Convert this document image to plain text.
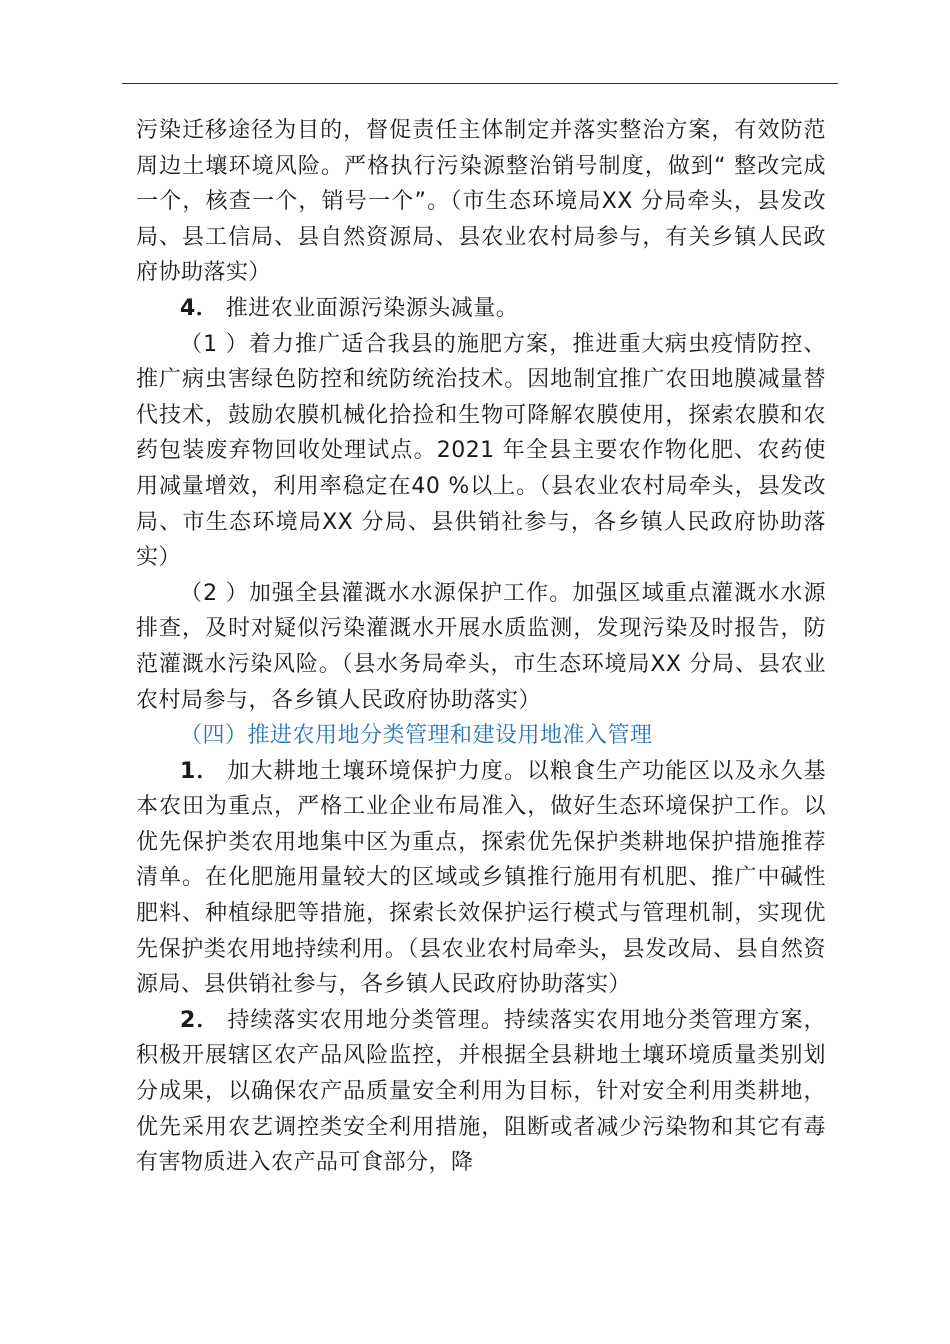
污染迁移途径为目的，督促责任主体制定并落实整治方案，有效防范周边土壤环境风险。严格执行污染源整治销号制度，做到“ 整改完成一个，核查一个，销号一个”。（市生态环境局XX 分局牵头，县发改局、县工信局、县自然资源局、县农业农村局参与，有关乡镇人民政府协助落实）

4． 推进农业面源污染源头减量。

（1 ）着力推广适合我县的施肥方案，推进重大病虫疫情防控、推广病虫害绿色防控和统防统治技术。因地制宜推广农田地膜减量替代技术，鼓励农膜机械化拾捡和生物可降解农膜使用，探索农膜和农药包装废弃物回收处理试点。2021 年全县主要农作物化肥、农药使用减量增效，利用率稳定在40 %以上。（县农业农村局牵头，县发改局、市生态环境局XX 分局、县供销社参与，各乡镇人民政府协助落实）

（2 ）加强全县灌溉水水源保护工作。加强区域重点灌溉水水源排查，及时对疑似污染灌溉水开展水质监测，发现污染及时报告，防范灌溉水污染风险。（县水务局牵头，市生态环境局XX 分局、县农业农村局参与，各乡镇人民政府协助落实）

（四）推进农用地分类管理和建设用地准入管理

1． 加大耕地土壤环境保护力度。以粮食生产功能区以及永久基本农田为重点，严格工业企业布局准入，做好生态环境保护工作。以优先保护类农用地集中区为重点，探索优先保护类耕地保护措施推荐清单。在化肥施用量较大的区域或乡镇推行施用有机肥、推广中碱性肥料、种植绿肥等措施，探索长效保护运行模式与管理机制，实现优先保护类农用地持续利用。（县农业农村局牵头，县发改局、县自然资源局、县供销社参与，各乡镇人民政府协助落实）

2． 持续落实农用地分类管理。持续落实农用地分类管理方案，积极开展辖区农产品风险监控，并根据全县耕地土壤环境质量类别划分成果，以确保农产品质量安全利用为目标，针对安全利用类耕地，优先采用农艺调控类安全利用措施，阻断或者减少污染物和其它有毒有害物质进入农产品可食部分，降
